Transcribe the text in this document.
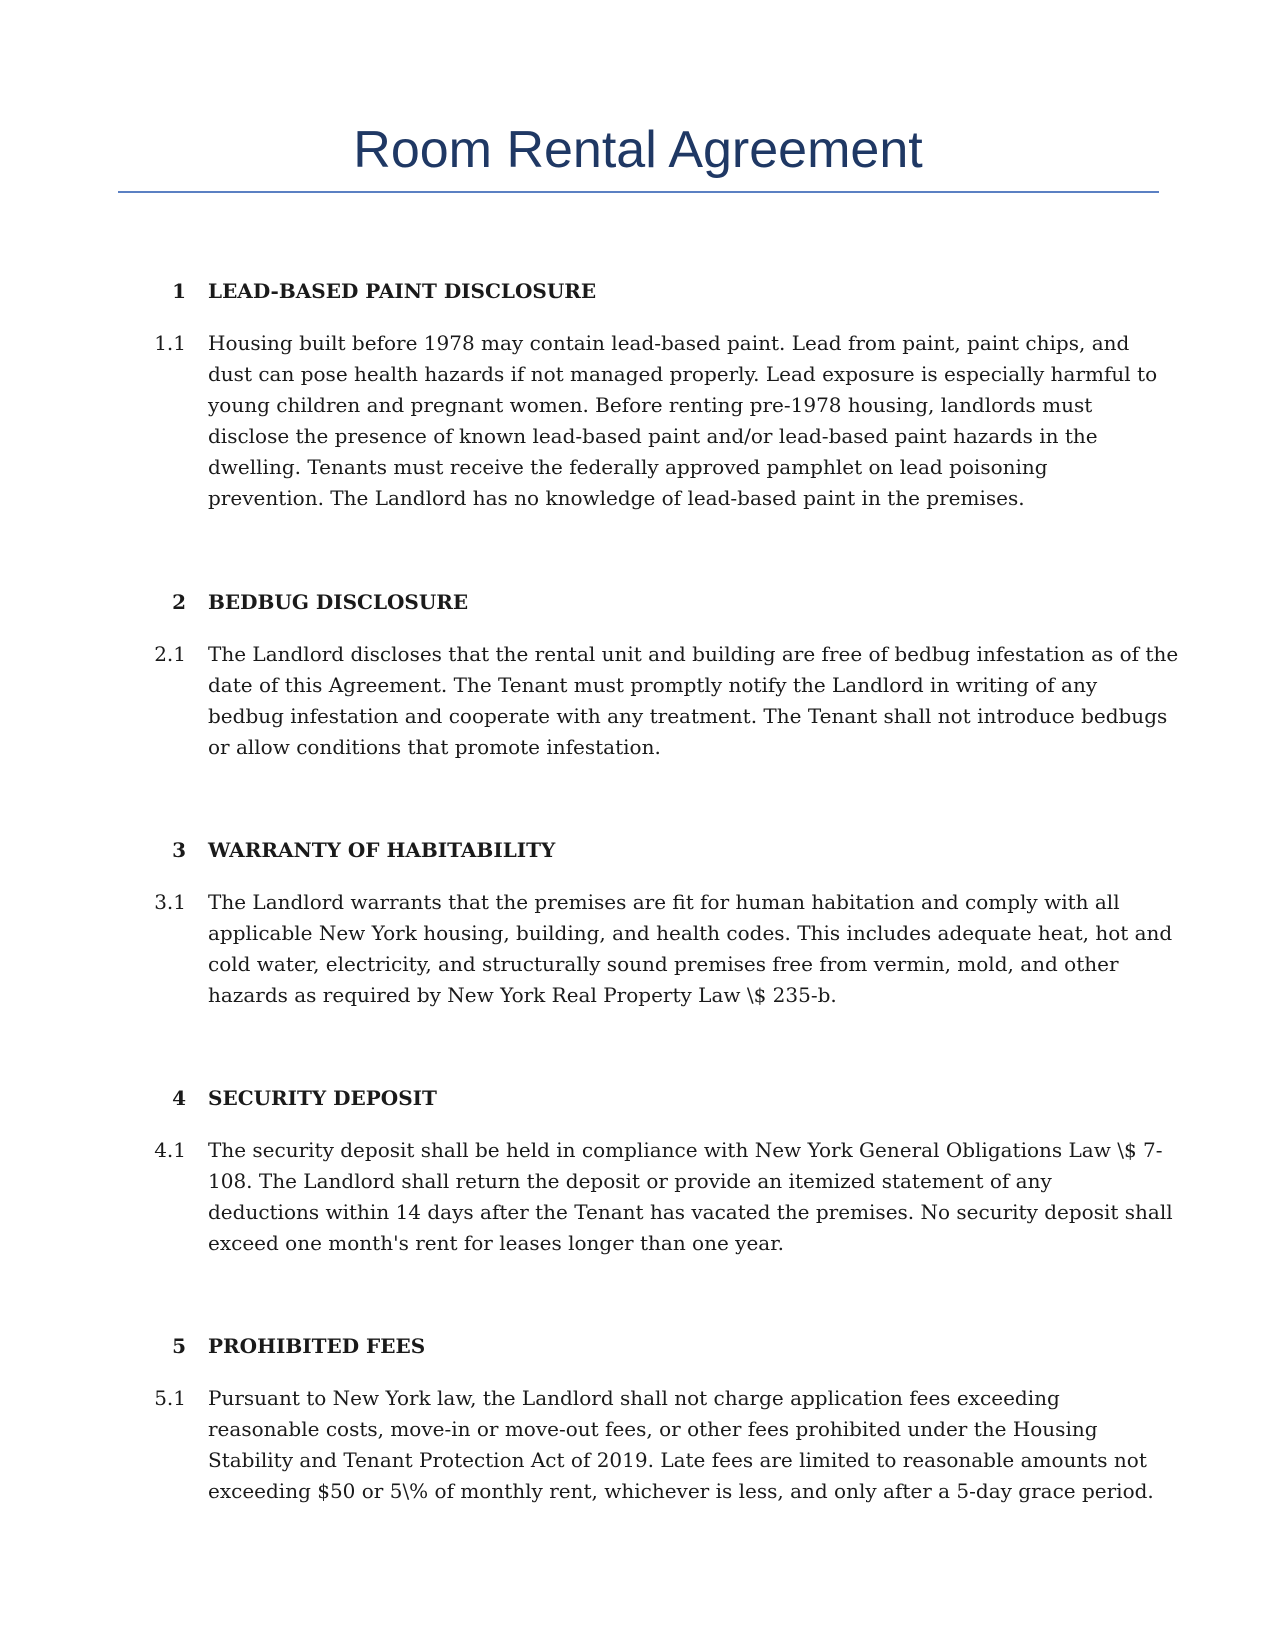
Room Rental Agreement
1 LEAD-BASED PAINT DISCLOSURE
1.1 Housing built before 1978 may contain lead-based paint. Lead from paint, paint chips, and
dust can pose health hazards if not managed properly. Lead exposure is especially harmful to
young children and pregnant women. Before renting pre-1978 housing, landlords must
disclose the presence of known lead-based paint and/or lead-based paint hazards in the
dwelling. Tenants must receive the federally approved pamphlet on lead poisoning
prevention. The Landlord has no knowledge of lead-based paint in the premises.

2 BEDBUG DISCLOSURE
2.1 The Landlord discloses that the rental unit and building are free of bedbug infestation as of the
date of this Agreement. The Tenant must promptly notify the Landlord in writing of any
bedbug infestation and cooperate with any treatment. The Tenant shall not introduce bedbugs
or allow conditions that promote infestation.

3 WARRANTY OF HABITABILITY
3.1 The Landlord warrants that the premises are fit for human habitation and comply with all
applicable New York housing, building, and health codes. This includes adequate heat, hot and
cold water, electricity, and structurally sound premises free from vermin, mold, and other
hazards as required by New York Real Property Law \$ 235-b.

4 SECURITY DEPOSIT
4.1 The security deposit shall be held in compliance with New York General Obligations Law \$ 7-
108. The Landlord shall return the deposit or provide an itemized statement of any
deductions within 14 days after the Tenant has vacated the premises. No security deposit shall
exceed one month's rent for leases longer than one year.

5 PROHIBITED FEES
5.1 Pursuant to New York law, the Landlord shall not charge application fees exceeding
reasonable costs, move-in or move-out fees, or other fees prohibited under the Housing
Stability and Tenant Protection Act of 2019. Late fees are limited to reasonable amounts not
exceeding $50 or 5\% of monthly rent, whichever is less, and only after a 5-day grace period.
